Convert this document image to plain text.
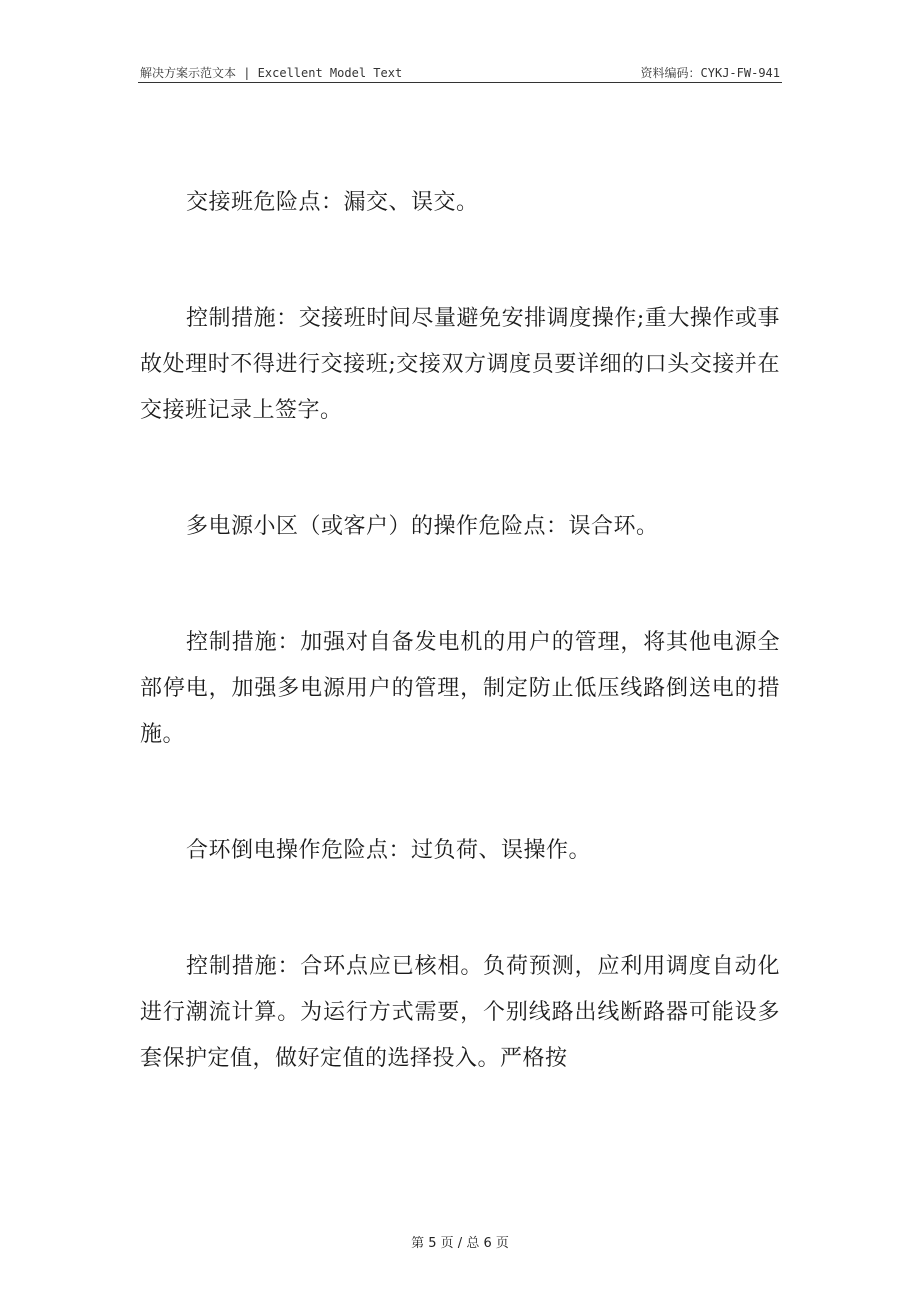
解决方案示范文本 | Excellent Model Text	资料编码：CYKJ-FW-941

交接班危险点：漏交、误交。

控制措施：交接班时间尽量避免安排调度操作;重大操作或事故处理时不得进行交接班;交接双方调度员要详细的口头交接并在交接班记录上签字。

多电源小区（或客户）的操作危险点：误合环。

控制措施：加强对自备发电机的用户的管理，将其他电源全部停电，加强多电源用户的管理，制定防止低压线路倒送电的措施。

合环倒电操作危险点：过负荷、误操作。

控制措施：合环点应已核相。负荷预测，应利用调度自动化进行潮流计算。为运行方式需要，个别线路出线断路器可能设多套保护定值，做好定值的选择投入。严格按

第 5 页 / 总 6 页
